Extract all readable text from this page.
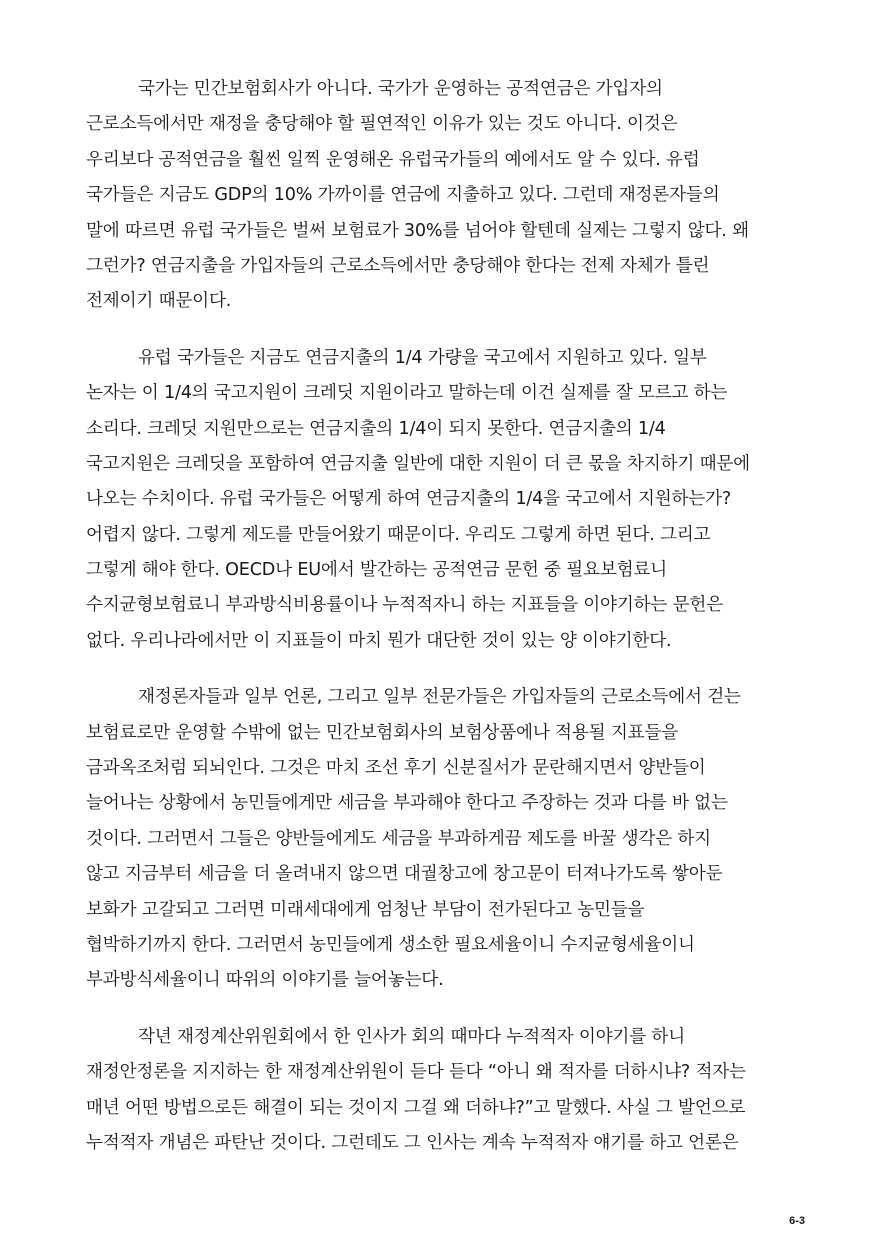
국가는 민간보험회사가 아니다. 국가가 운영하는 공적연금은 가입자의
근로소득에서만 재정을 충당해야 할 필연적인 이유가 있는 것도 아니다. 이것은
우리보다 공적연금을 훨씬 일찍 운영해온 유럽국가들의 예에서도 알 수 있다. 유럽
국가들은 지금도 GDP의 10% 가까이를 연금에 지출하고 있다. 그런데 재정론자들의
말에 따르면 유럽 국가들은 벌써 보험료가 30%를 넘어야 할텐데 실제는 그렇지 않다. 왜
그런가? 연금지출을 가입자들의 근로소득에서만 충당해야 한다는 전제 자체가 틀린
전제이기 때문이다.
유럽 국가들은 지금도 연금지출의 1/4 가량을 국고에서 지원하고 있다. 일부
논자는 이 1/4의 국고지원이 크레딧 지원이라고 말하는데 이건 실제를 잘 모르고 하는
소리다. 크레딧 지원만으로는 연금지출의 1/4이 되지 못한다. 연금지출의 1/4
국고지원은 크레딧을 포함하여 연금지출 일반에 대한 지원이 더 큰 몫을 차지하기 때문에
나오는 수치이다. 유럽 국가들은 어떻게 하여 연금지출의 1/4을 국고에서 지원하는가?
어렵지 않다. 그렇게 제도를 만들어왔기 때문이다. 우리도 그렇게 하면 된다. 그리고
그렇게 해야 한다. OECD나 EU에서 발간하는 공적연금 문헌 중 필요보험료니
수지균형보험료니 부과방식비용률이나 누적적자니 하는 지표들을 이야기하는 문헌은
없다. 우리나라에서만 이 지표들이 마치 뭔가 대단한 것이 있는 양 이야기한다.
재정론자들과 일부 언론, 그리고 일부 전문가들은 가입자들의 근로소득에서 걷는
보험료로만 운영할 수밖에 없는 민간보험회사의 보험상품에나 적용될 지표들을
금과옥조처럼 되뇌인다. 그것은 마치 조선 후기 신분질서가 문란해지면서 양반들이
늘어나는 상황에서 농민들에게만 세금을 부과해야 한다고 주장하는 것과 다를 바 없는
것이다. 그러면서 그들은 양반들에게도 세금을 부과하게끔 제도를 바꿀 생각은 하지
않고 지금부터 세금을 더 올려내지 않으면 대궐창고에 창고문이 터져나가도록 쌓아둔
보화가 고갈되고 그러면 미래세대에게 엄청난 부담이 전가된다고 농민들을
협박하기까지 한다. 그러면서 농민들에게 생소한 필요세율이니 수지균형세율이니
부과방식세율이니 따위의 이야기를 늘어놓는다.
작년 재정계산위원회에서 한 인사가 회의 때마다 누적적자 이야기를 하니
재정안정론을 지지하는 한 재정계산위원이 듣다 듣다 “아니 왜 적자를 더하시냐? 적자는
매년 어떤 방법으로든 해결이 되는 것이지 그걸 왜 더하냐?”고 말했다. 사실 그 발언으로
누적적자 개념은 파탄난 것이다. 그런데도 그 인사는 계속 누적적자 얘기를 하고 언론은
6-3
